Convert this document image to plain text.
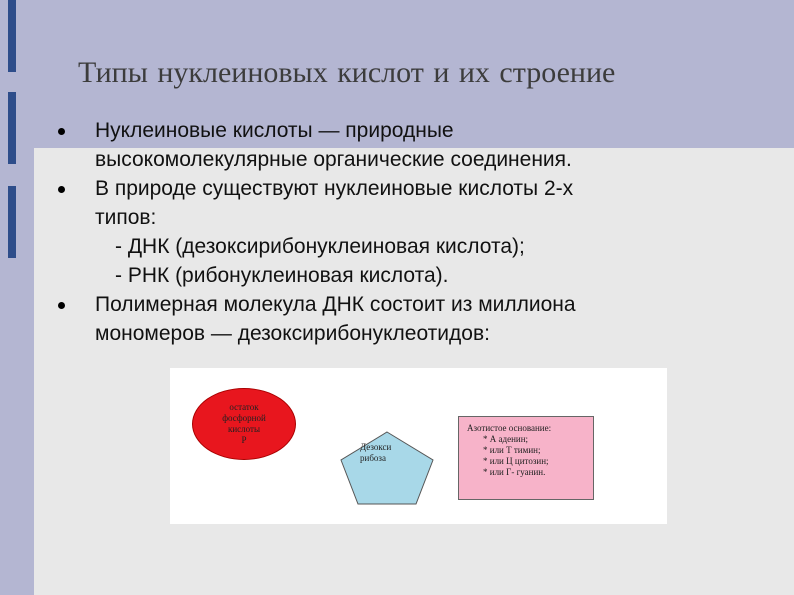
Типы нуклеиновых кислот и их строение
Нуклеиновые кислоты — природные
высокомолекулярные органические соединения.
В природе существуют нуклеиновые кислоты 2-х
типов:
- ДНК (дезоксирибонуклеиновая кислота);
- РНК (рибонуклеиновая кислота).
Полимерная молекула ДНК состоит из миллиона
мономеров — дезоксирибонуклеотидов:
остаток
фосфорной
кислоты
Р
Дезокси
рибоза
Азотистое основание:
* А аденин;
* или Т тимин;
* или Ц цитозин;
* или Г- гуанин.
